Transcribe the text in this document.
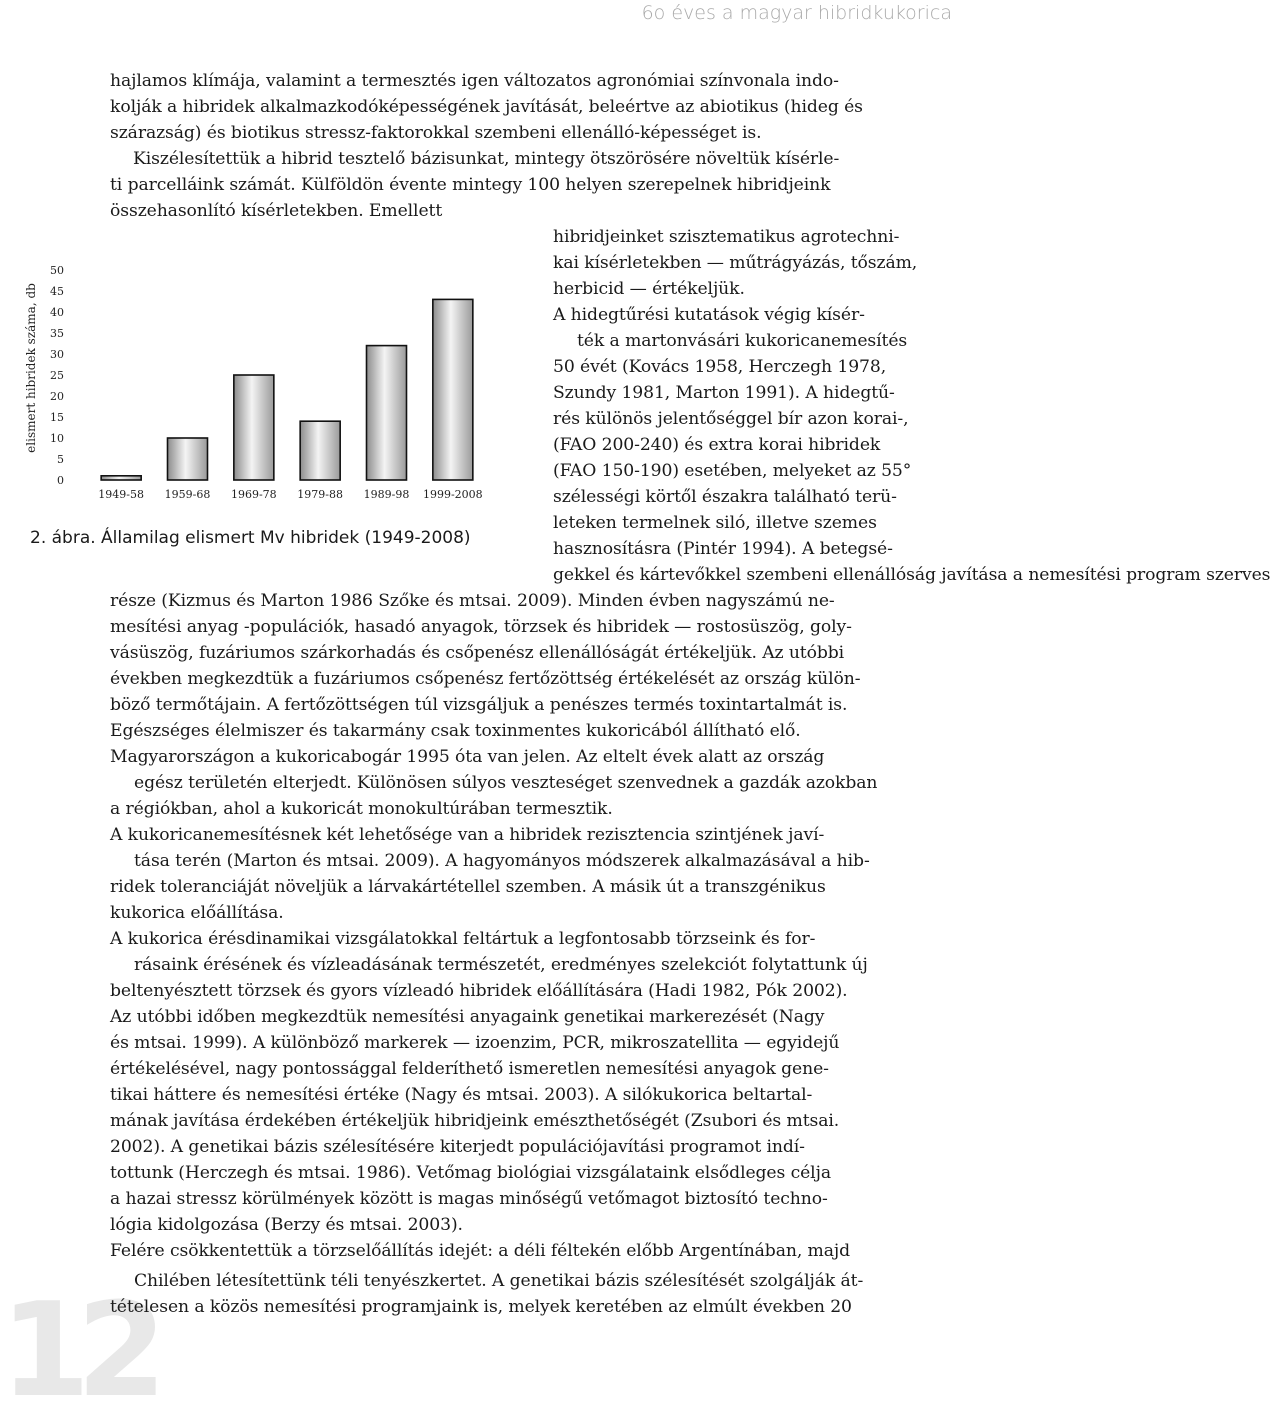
6o éves a magyar hibridkukorica
12
hajlamos klímája, valamint a termesztés igen változatos agronómiai színvonala indo-
kolják a hibridek alkalmazkodóképességének javítását, beleértve az abiotikus (hideg és
szárazság) és biotikus stressz-faktorokkal szembeni ellenálló-képességet is.
Kiszélesítettük a hibrid tesztelő bázisunkat, mintegy ötszörösére növeltük kísérle-
ti parcelláink számát. Külföldön évente mintegy 100 helyen szerepelnek hibridjeink
összehasonlító kísérletekben. Emellett
hibridjeinket szisztematikus agrotechni-
kai kísérletekben — műtrágyázás, tőszám,
herbicid — értékeljük.
A hidegtűrési kutatások végig kísér-
ték a martonvásári kukoricanemesítés
50 évét (Kovács 1958, Herczegh 1978,
Szundy 1981, Marton 1991). A hidegtű-
rés különös jelentőséggel bír azon korai-,
(FAO 200-240) és extra korai hibridek
(FAO 150-190) esetében, melyeket az 55°
szélességi körtől északra található terü-
leteken termelnek siló, illetve szemes
hasznosításra (Pintér 1994). A betegsé-
gekkel és kártevőkkel szembeni ellenállóság javítása a nemesítési program szerves
része (Kizmus és Marton 1986 Szőke és mtsai. 2009). Minden évben nagyszámú ne-
mesítési anyag -populációk, hasadó anyagok, törzsek és hibridek — rostosüszög, goly-
vásüszög, fuzáriumos szárkorhadás és csőpenész ellenállóságát értékeljük. Az utóbbi
években megkezdtük a fuzáriumos csőpenész fertőzöttség értékelését az ország külön-
böző termőtájain. A fertőzöttségen túl vizsgáljuk a penészes termés toxintartalmát is.
Egészséges élelmiszer és takarmány csak toxinmentes kukoricából állítható elő.
Magyarországon a kukoricabogár 1995 óta van jelen. Az eltelt évek alatt az ország
egész területén elterjedt. Különösen súlyos veszteséget szenvednek a gazdák azokban
a régiókban, ahol a kukoricát monokultúrában termesztik.
A kukoricanemesítésnek két lehetősége van a hibridek rezisztencia szintjének javí-
tása terén (Marton és mtsai. 2009). A hagyományos módszerek alkalmazásával a hib-
ridek toleranciáját növeljük a lárvakártétellel szemben. A másik út a transzgénikus
kukorica előállítása.
A kukorica érésdinamikai vizsgálatokkal feltártuk a legfontosabb törzseink és for-
rásaink érésének és vízleadásának természetét, eredményes szelekciót folytattunk új
beltenyésztett törzsek és gyors vízleadó hibridek előállítására (Hadi 1982, Pók 2002).
Az utóbbi időben megkezdtük nemesítési anyagaink genetikai markerezését (Nagy
és mtsai. 1999). A különböző markerek — izoenzim, PCR, mikroszatellita — egyidejű
értékelésével, nagy pontossággal felderíthető ismeretlen nemesítési anyagok gene-
tikai háttere és nemesítési értéke (Nagy és mtsai. 2003). A silókukorica beltartal-
mának javítása érdekében értékeljük hibridjeink emészthetőségét (Zsubori és mtsai.
2002). A genetikai bázis szélesítésére kiterjedt populációjavítási programot indí-
tottunk (Herczegh és mtsai. 1986). Vetőmag biológiai vizsgálataink elsődleges célja
a hazai stressz körülmények között is magas minőségű vetőmagot biztosító techno-
lógia kidolgozása (Berzy és mtsai. 2003).
Felére csökkentettük a törzselőállítás idejét: a déli féltekén előbb Argentínában, majd
Chilében létesítettünk téli tenyészkertet. A genetikai bázis szélesítését szolgálják át-
tételesen a közös nemesítési programjaink is, melyek keretében az elmúlt években 20
elismert hibridek száma, db
0
5
10
15
20
25
30
35
40
45
50
1949-58 1959-68 1969-78 1979-88 1989-98 1999-2008
2. ábra. Államilag elismert Mv hibridek (1949-2008)
